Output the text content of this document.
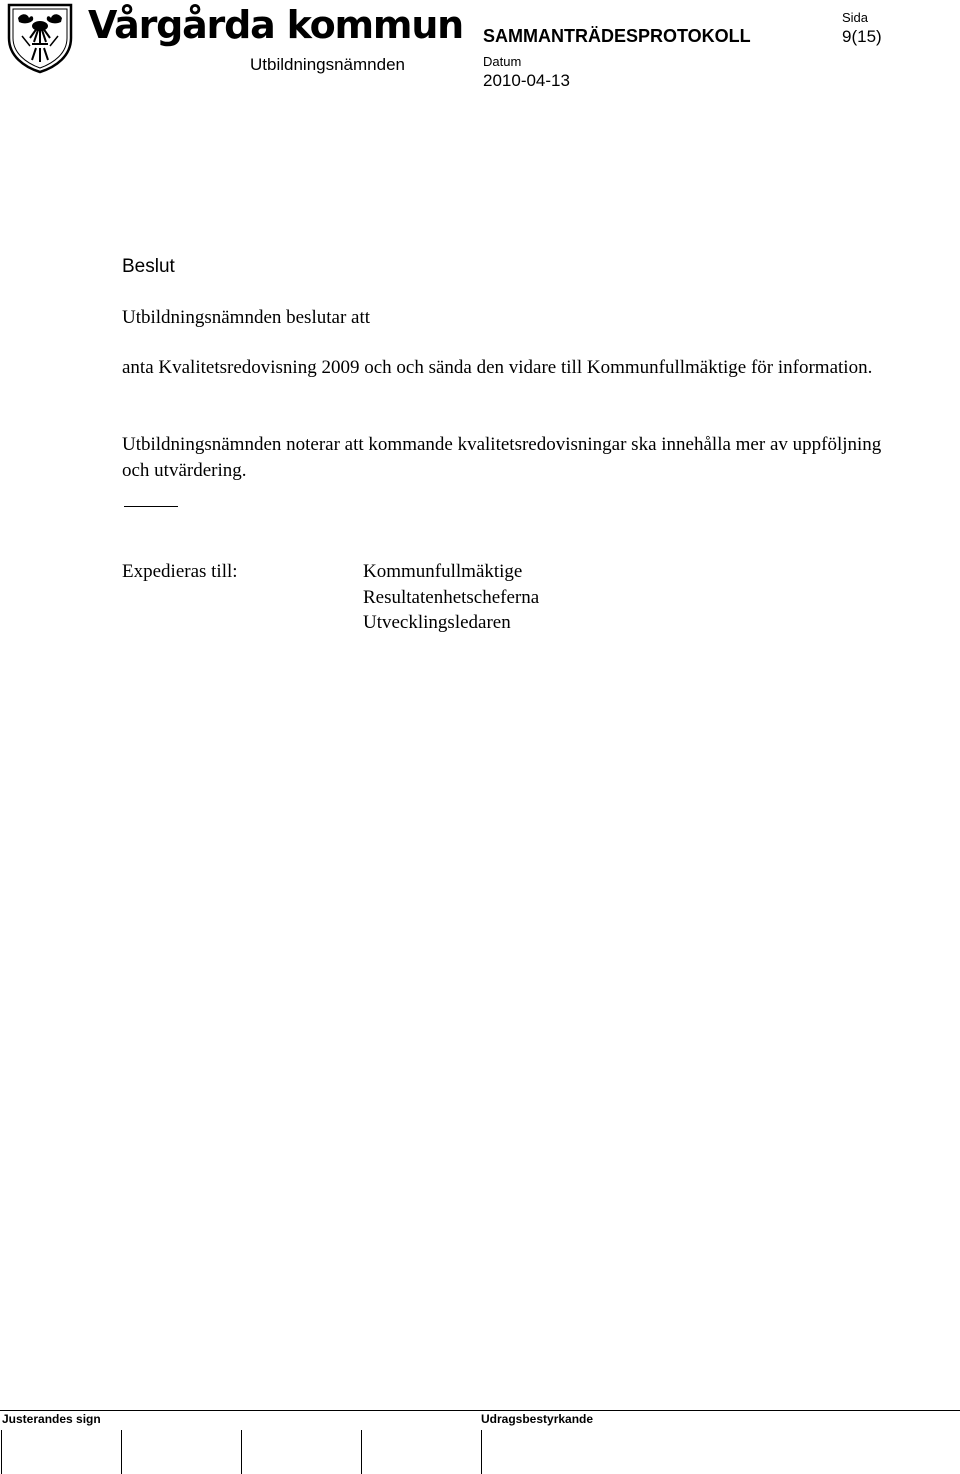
Vårgårda kommun
Utbildningsnämnden
SAMMANTRÄDESPROTOKOLL
Datum
2010-04-13
Sida
9(15)
Beslut
Utbildningsnämnden beslutar att
anta Kvalitetsredovisning 2009 och och sända den vidare till Kommunfullmäktige för information.
Utbildningsnämnden noterar att kommande kvalitetsredovisningar ska innehålla mer av uppföljning och utvärdering.
Expedieras till:	Kommunfullmäktige
Resultatenhetscheferna
Utvecklingsledaren
Justerandes sign	Udragsbestyrkande
